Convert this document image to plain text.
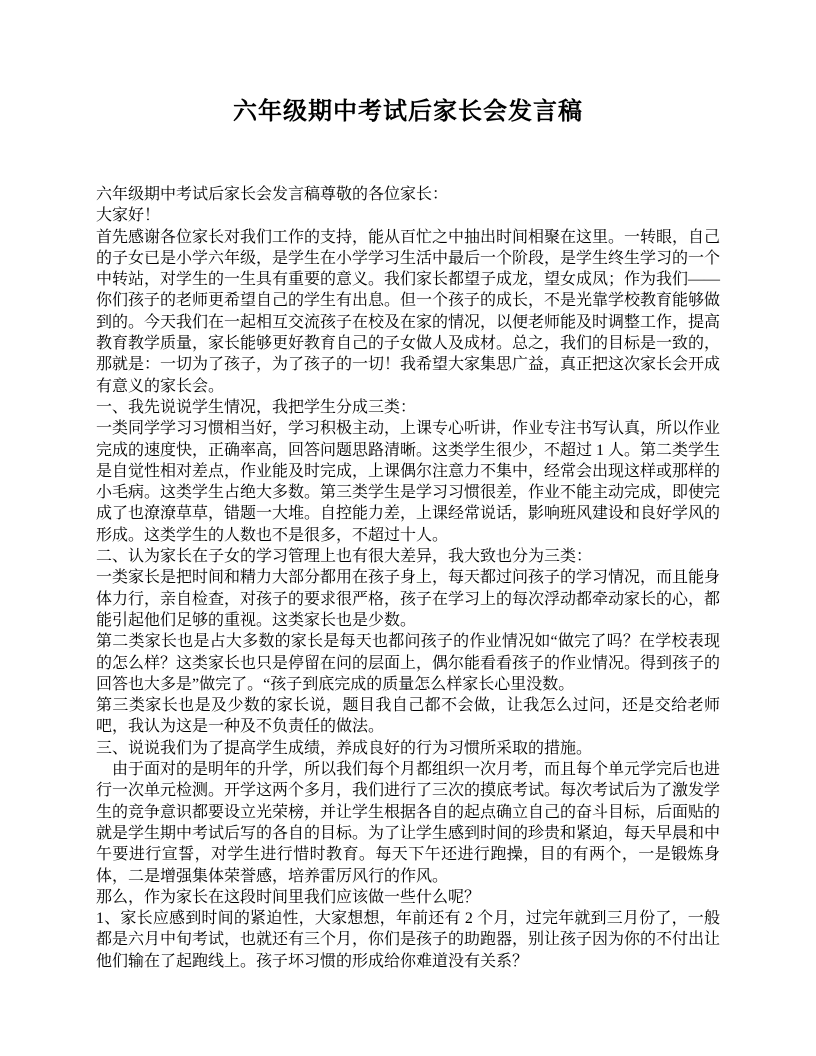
六年级期中考试后家长会发言稿

六年级期中考试后家长会发言稿尊敬的各位家长：

大家好！

首先感谢各位家长对我们工作的支持，能从百忙之中抽出时间相聚在这里。一转眼，自己的子女已是小学六年级，是学生在小学学习生活中最后一个阶段，是学生终生学习的一个中转站，对学生的一生具有重要的意义。我们家长都望子成龙，望女成凤；作为我们——你们孩子的老师更希望自己的学生有出息。但一个孩子的成长，不是光靠学校教育能够做到的。今天我们在一起相互交流孩子在校及在家的情况，以便老师能及时调整工作，提高教育教学质量，家长能够更好教育自己的子女做人及成材。总之，我们的目标是一致的，那就是：一切为了孩子，为了孩子的一切！我希望大家集思广益，真正把这次家长会开成有意义的家长会。

一、我先说说学生情况，我把学生分成三类：

一类同学学习习惯相当好，学习积极主动，上课专心听讲，作业专注书写认真，所以作业完成的速度快，正确率高，回答问题思路清晰。这类学生很少，不超过 1 人。第二类学生是自觉性相对差点，作业能及时完成，上课偶尔注意力不集中，经常会出现这样或那样的小毛病。这类学生占绝大多数。第三类学生是学习习惯很差，作业不能主动完成，即使完成了也潦潦草草，错题一大堆。自控能力差，上课经常说话，影响班风建设和良好学风的形成。这类学生的人数也不是很多，不超过十人。

二、认为家长在子女的学习管理上也有很大差异，我大致也分为三类：

一类家长是把时间和精力大部分都用在孩子身上，每天都过问孩子的学习情况，而且能身体力行，亲自检查，对孩子的要求很严格，孩子在学习上的每次浮动都牵动家长的心，都能引起他们足够的重视。这类家长也是少数。

第二类家长也是占大多数的家长是每天也都问孩子的作业情况如“做完了吗？在学校表现的怎么样？这类家长也只是停留在问的层面上，偶尔能看看孩子的作业情况。得到孩子的回答也大多是”做完了。“孩子到底完成的质量怎么样家长心里没数。

第三类家长也是及少数的家长说，题目我自己都不会做，让我怎么过问，还是交给老师吧，我认为这是一种及不负责任的做法。

三、说说我们为了提高学生成绩，养成良好的行为习惯所采取的措施。

　由于面对的是明年的升学，所以我们每个月都组织一次月考，而且每个单元学完后也进行一次单元检测。开学这两个多月，我们进行了三次的摸底考试。每次考试后为了激发学生的竞争意识都要设立光荣榜，并让学生根据各自的起点确立自己的奋斗目标，后面贴的就是学生期中考试后写的各自的目标。为了让学生感到时间的珍贵和紧迫，每天早晨和中午要进行宣誓，对学生进行惜时教育。每天下午还进行跑操，目的有两个，一是锻炼身体，二是增强集体荣誉感，培养雷厉风行的作风。

那么，作为家长在这段时间里我们应该做一些什么呢？

1、家长应感到时间的紧迫性，大家想想，年前还有 2 个月，过完年就到三月份了，一般都是六月中旬考试，也就还有三个月，你们是孩子的助跑器，别让孩子因为你的不付出让他们输在了起跑线上。孩子坏习惯的形成给你难道没有关系？
